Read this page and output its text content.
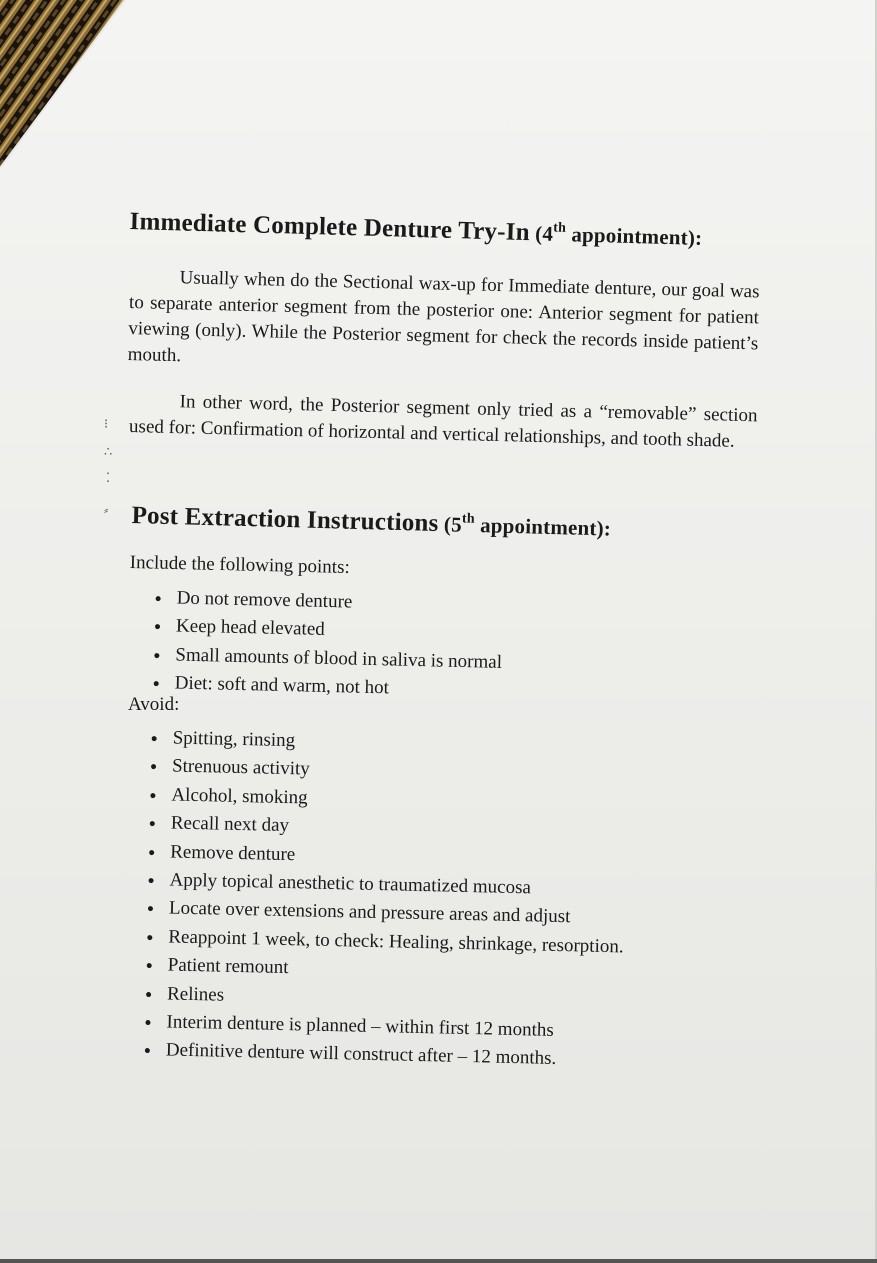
Immediate Complete Denture Try-In (4th appointment):

Usually when do the Sectional wax-up for Immediate denture, our goal was to separate anterior segment from the posterior one: Anterior segment for patient viewing (only). While the Posterior segment for check the records inside patient’s mouth.

In other word, the Posterior segment only tried as a “removable” section used for: Confirmation of horizontal and vertical relationships, and tooth shade.

Post Extraction Instructions (5th appointment):

Include the following points:

Do not remove denture
Keep head elevated
Small amounts of blood in saliva is normal
Diet: soft and warm, not hot

Avoid:

Spitting, rinsing
Strenuous activity
Alcohol, smoking
Recall next day
Remove denture
Apply topical anesthetic to traumatized mucosa
Locate over extensions and pressure areas and adjust
Reappoint 1 week, to check: Healing, shrinkage, resorption.
Patient remount
Relines
Interim denture is planned – within first 12 months
Definitive denture will construct after – 12 months.
⁝
∴
⁚
⸗
